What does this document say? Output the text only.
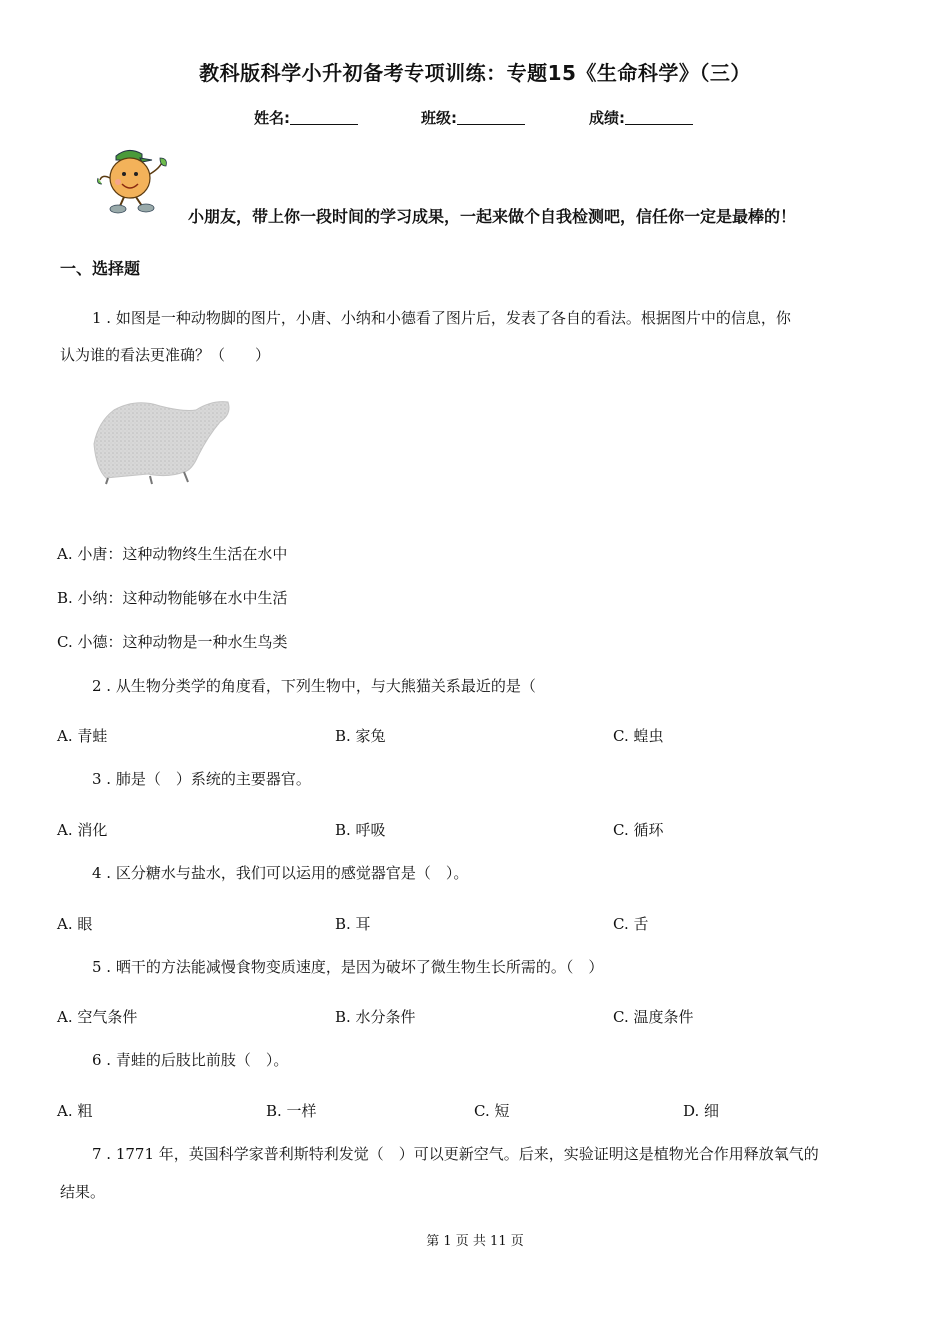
教科版科学小升初备考专项训练：专题15《生命科学》（三）
姓名:	班级:	成绩:
小朋友，带上你一段时间的学习成果，一起来做个自我检测吧，信任你一定是最棒的！
一、选择题
1 . 如图是一种动物脚的图片，小唐、小纳和小德看了图片后，发表了各自的看法。根据图片中的信息，你
认为谁的看法更准确？（　　）
A. 小唐：这种动物终生生活在水中
B. 小纳：这种动物能够在水中生活
C. 小德：这种动物是一种水生鸟类
2 . 从生物分类学的角度看，下列生物中，与大熊猫关系最近的是（
A. 青蛙	B. 家兔	C. 蝗虫
3 . 肺是（　）系统的主要器官。
A. 消化	B. 呼吸	C. 循环
4 . 区分糖水与盐水，我们可以运用的感觉器官是（　）。
A. 眼	B. 耳	C. 舌
5 . 晒干的方法能减慢食物变质速度，是因为破坏了微生物生长所需的。（　）
A. 空气条件	B. 水分条件	C. 温度条件
6 . 青蛙的后肢比前肢（　）。
A. 粗	B. 一样	C. 短	D. 细
7 . 1771 年，英国科学家普利斯特利发觉（　）可以更新空气。后来，实验证明这是植物光合作用释放氧气的
结果。
第 1 页 共 11 页
